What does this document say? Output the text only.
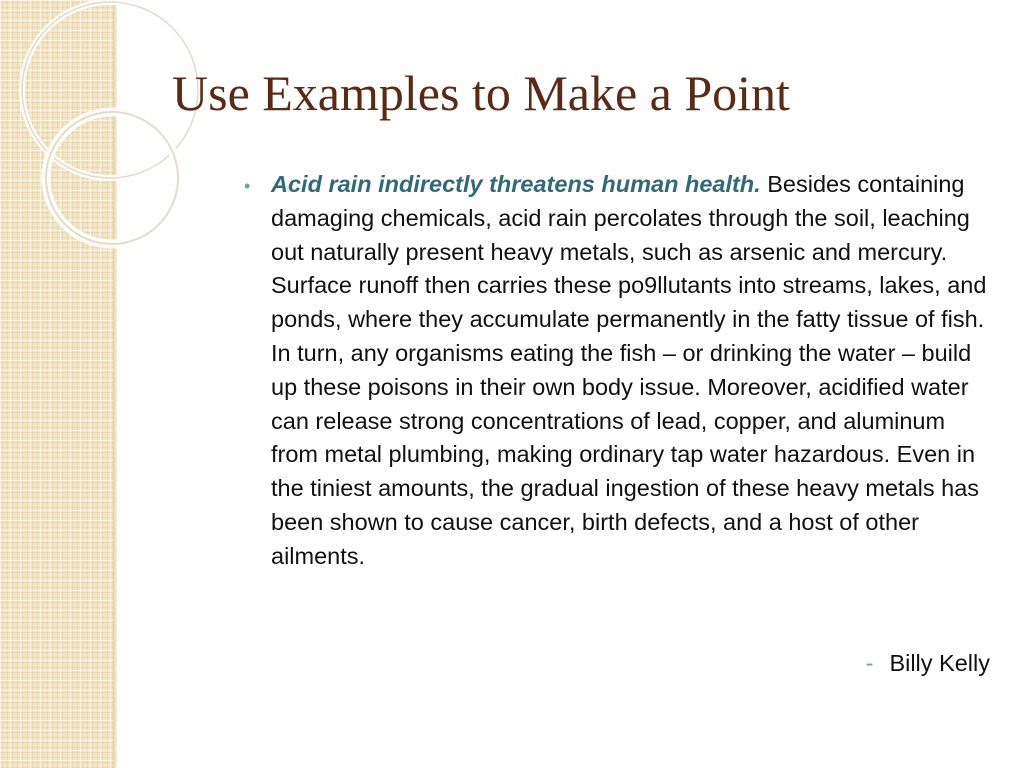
Use Examples to Make a Point
• Acid rain indirectly threatens human health. Besides containing damaging chemicals, acid rain percolates through the soil, leaching out naturally present heavy metals, such as arsenic and mercury. Surface runoff then carries these po9llutants into streams, lakes, and ponds, where they accumulate permanently in the fatty tissue of fish. In turn, any organisms eating the fish – or drinking the water – build up these poisons in their own body issue. Moreover, acidified water can release strong concentrations of lead, copper, and aluminum from metal plumbing, making ordinary tap water hazardous. Even in the tiniest amounts, the gradual ingestion of these heavy metals has been shown to cause cancer, birth defects, and a host of other ailments.

- Billy Kelly
